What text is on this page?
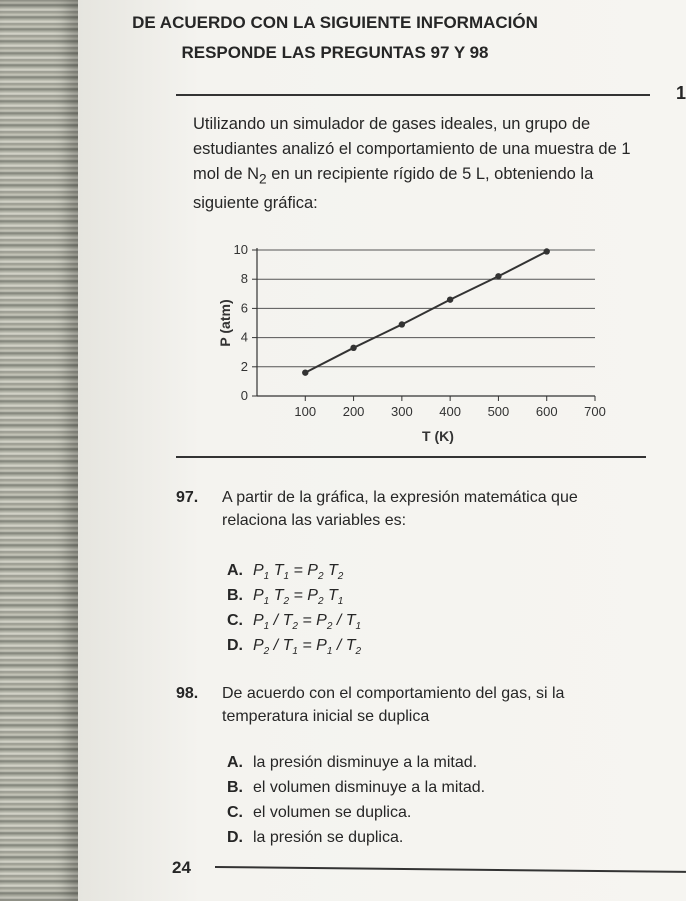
DE ACUERDO CON LA SIGUIENTE INFORMACIÓN
RESPONDE LAS PREGUNTAS 97 Y 98
1
Utilizando un simulador de gases ideales, un grupo de estudiantes analizó el comportamiento de una muestra de 1 mol de $N_2$ en un recipiente rígido de 5 L, obteniendo la siguiente gráfica:
0
2
4
6
8
10
100 200 300 400 500 600 700
T (K)
P (atm)
97. A partir de la gráfica, la expresión matemática que relaciona las variables es:
A. $P_1$ $T_1 = P_2$ $T_2$
B. $P_1$ $T_2 = P_2$ $T_1$
C. $P_1 / T_2 = P_2 / T_1$
D. $P_2 / T_1 = P_1 / T_2$
98. De acuerdo con el comportamiento del gas, si la temperatura inicial se duplica
A. la presión disminuye a la mitad.
B. el volumen disminuye a la mitad.
C. el volumen se duplica.
D. la presión se duplica.
24
